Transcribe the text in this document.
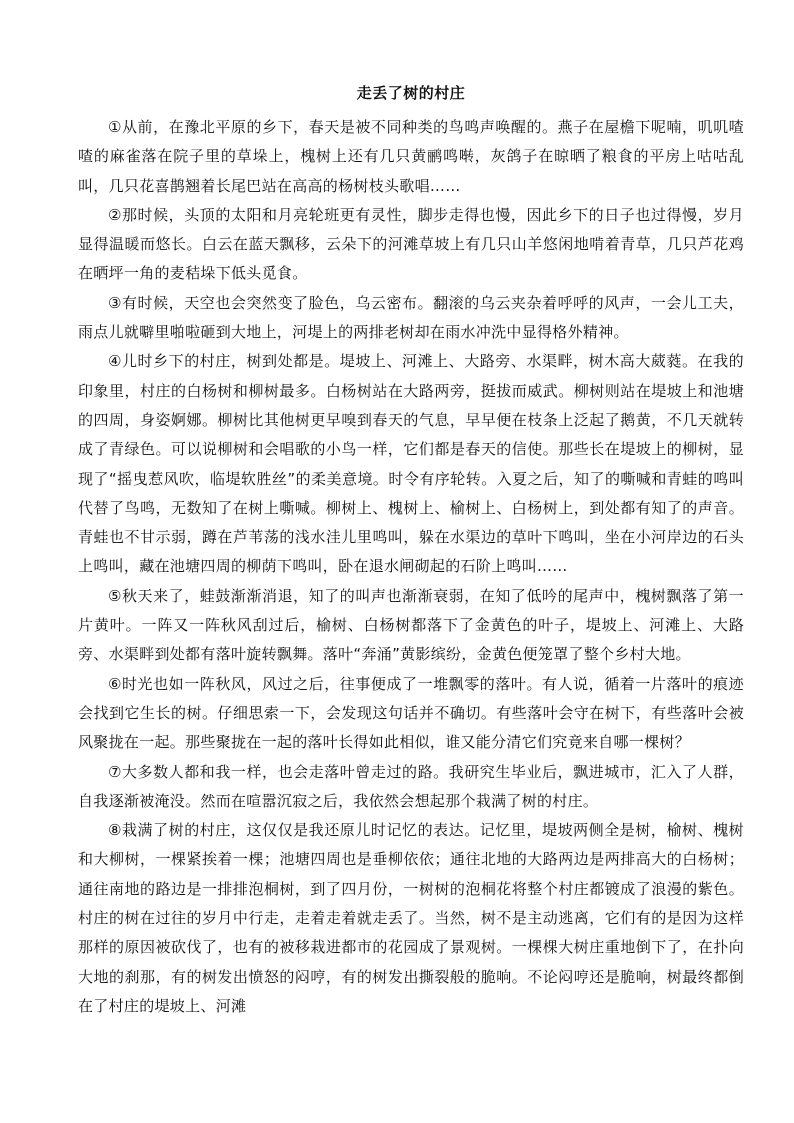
走丢了树的村庄

①从前，在豫北平原的乡下，春天是被不同种类的鸟鸣声唤醒的。燕子在屋檐下呢喃，叽叽喳喳的麻雀落在院子里的草垛上，槐树上还有几只黄鹂鸣啭，灰鸽子在晾晒了粮食的平房上咕咕乱叫，几只花喜鹊翘着长尾巴站在高高的杨树枝头歌唱……

②那时候，头顶的太阳和月亮轮班更有灵性，脚步走得也慢，因此乡下的日子也过得慢，岁月显得温暖而悠长。白云在蓝天飘移，云朵下的河滩草坡上有几只山羊悠闲地啃着青草，几只芦花鸡在晒坪一角的麦秸垛下低头觅食。

③有时候，天空也会突然变了脸色，乌云密布。翻滚的乌云夹杂着呼呼的风声，一会儿工夫，雨点儿就噼里啪啦砸到大地上，河堤上的两排老树却在雨水冲洗中显得格外精神。

④儿时乡下的村庄，树到处都是。堤坡上、河滩上、大路旁、水渠畔，树木高大葳蕤。在我的印象里，村庄的白杨树和柳树最多。白杨树站在大路两旁，挺拔而威武。柳树则站在堤坡上和池塘的四周，身姿婀娜。柳树比其他树更早嗅到春天的气息，早早便在枝条上泛起了鹅黄，不几天就转成了青绿色。可以说柳树和会唱歌的小鸟一样，它们都是春天的信使。那些长在堤坡上的柳树，显现了“摇曳惹风吹，临堤软胜丝”的柔美意境。时令有序轮转。入夏之后，知了的嘶喊和青蛙的鸣叫代替了鸟鸣，无数知了在树上嘶喊。柳树上、槐树上、榆树上、白杨树上，到处都有知了的声音。青蛙也不甘示弱，蹲在芦苇荡的浅水洼儿里鸣叫，躲在水渠边的草叶下鸣叫，坐在小河岸边的石头上鸣叫，藏在池塘四周的柳荫下鸣叫，卧在退水闸砌起的石阶上鸣叫……

⑤秋天来了，蛙鼓渐渐消退，知了的叫声也渐渐衰弱，在知了低吟的尾声中，槐树飘落了第一片黄叶。一阵又一阵秋风刮过后，榆树、白杨树都落下了金黄色的叶子，堤坡上、河滩上、大路旁、水渠畔到处都有落叶旋转飘舞。落叶“奔涌”黄影缤纷，金黄色便笼罩了整个乡村大地。

⑥时光也如一阵秋风，风过之后，往事便成了一堆飘零的落叶。有人说，循着一片落叶的痕迹会找到它生长的树。仔细思索一下，会发现这句话并不确切。有些落叶会守在树下，有些落叶会被风聚拢在一起。那些聚拢在一起的落叶长得如此相似，谁又能分清它们究竟来自哪一棵树？

⑦大多数人都和我一样，也会走落叶曾走过的路。我研究生毕业后，飘进城市，汇入了人群，自我逐渐被淹没。然而在喧嚣沉寂之后，我依然会想起那个栽满了树的村庄。

⑧栽满了树的村庄，这仅仅是我还原儿时记忆的表达。记忆里，堤坡两侧全是树，榆树、槐树和大柳树，一棵紧挨着一棵；池塘四周也是垂柳依依；通往北地的大路两边是两排高大的白杨树；通往南地的路边是一排排泡桐树，到了四月份，一树树的泡桐花将整个村庄都镀成了浪漫的紫色。村庄的树在过往的岁月中行走，走着走着就走丢了。当然，树不是主动逃离，它们有的是因为这样那样的原因被砍伐了，也有的被移栽进都市的花园成了景观树。一棵棵大树庄重地倒下了，在扑向大地的刹那，有的树发出愤怒的闷哼，有的树发出撕裂般的脆响。不论闷哼还是脆响，树最终都倒在了村庄的堤坡上、河滩
